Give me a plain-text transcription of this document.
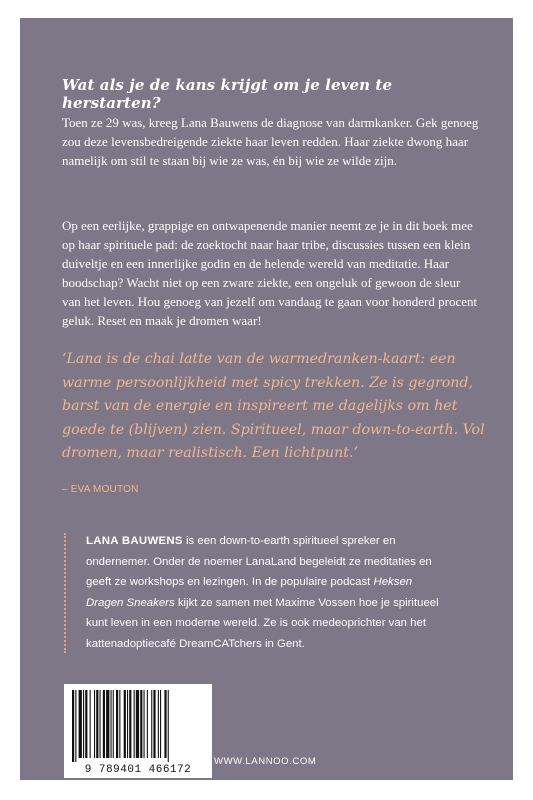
Wat als je de kans krijgt om je leven te herstarten?

Toen ze 29 was, kreeg Lana Bauwens de diagnose van darmkanker. Gek genoeg zou deze levensbedreigende ziekte haar leven redden. Haar ziekte dwong haar namelijk om stil te staan bij wie ze was, én bij wie ze wilde zijn.

Op een eerlijke, grappige en ontwapenende manier neemt ze je in dit boek mee op haar spirituele pad: de zoektocht naar haar tribe, discussies tussen een klein duiveltje en een innerlijke godin en de helende wereld van meditatie. Haar boodschap? Wacht niet op een zware ziekte, een ongeluk of gewoon de sleur van het leven. Hou genoeg van jezelf om vandaag te gaan voor honderd procent geluk. Reset en maak je dromen waar!

‘Lana is de chai latte van de warmedranken-kaart: een warme persoonlijkheid met spicy trekken. Ze is gegrond, barst van de energie en inspireert me dagelijks om het goede te (blijven) zien. Spiritueel, maar down-to-earth. Vol dromen, maar realistisch. Een lichtpunt.’

– EVA MOUTON

LANA BAUWENS is een down-to-earth spiritueel spreker en ondernemer. Onder de noemer LanaLand begeleidt ze meditaties en geeft ze workshops en lezingen. In de populaire podcast Heksen Dragen Sneakers kijkt ze samen met Maxime Vossen hoe je spiritueel kunt leven in een moderne wereld. Ze is ook medeoprichter van het kattenadoptiecafé DreamCATchers in Gent.

9 789401 466172
WWW.LANNOO.COM
